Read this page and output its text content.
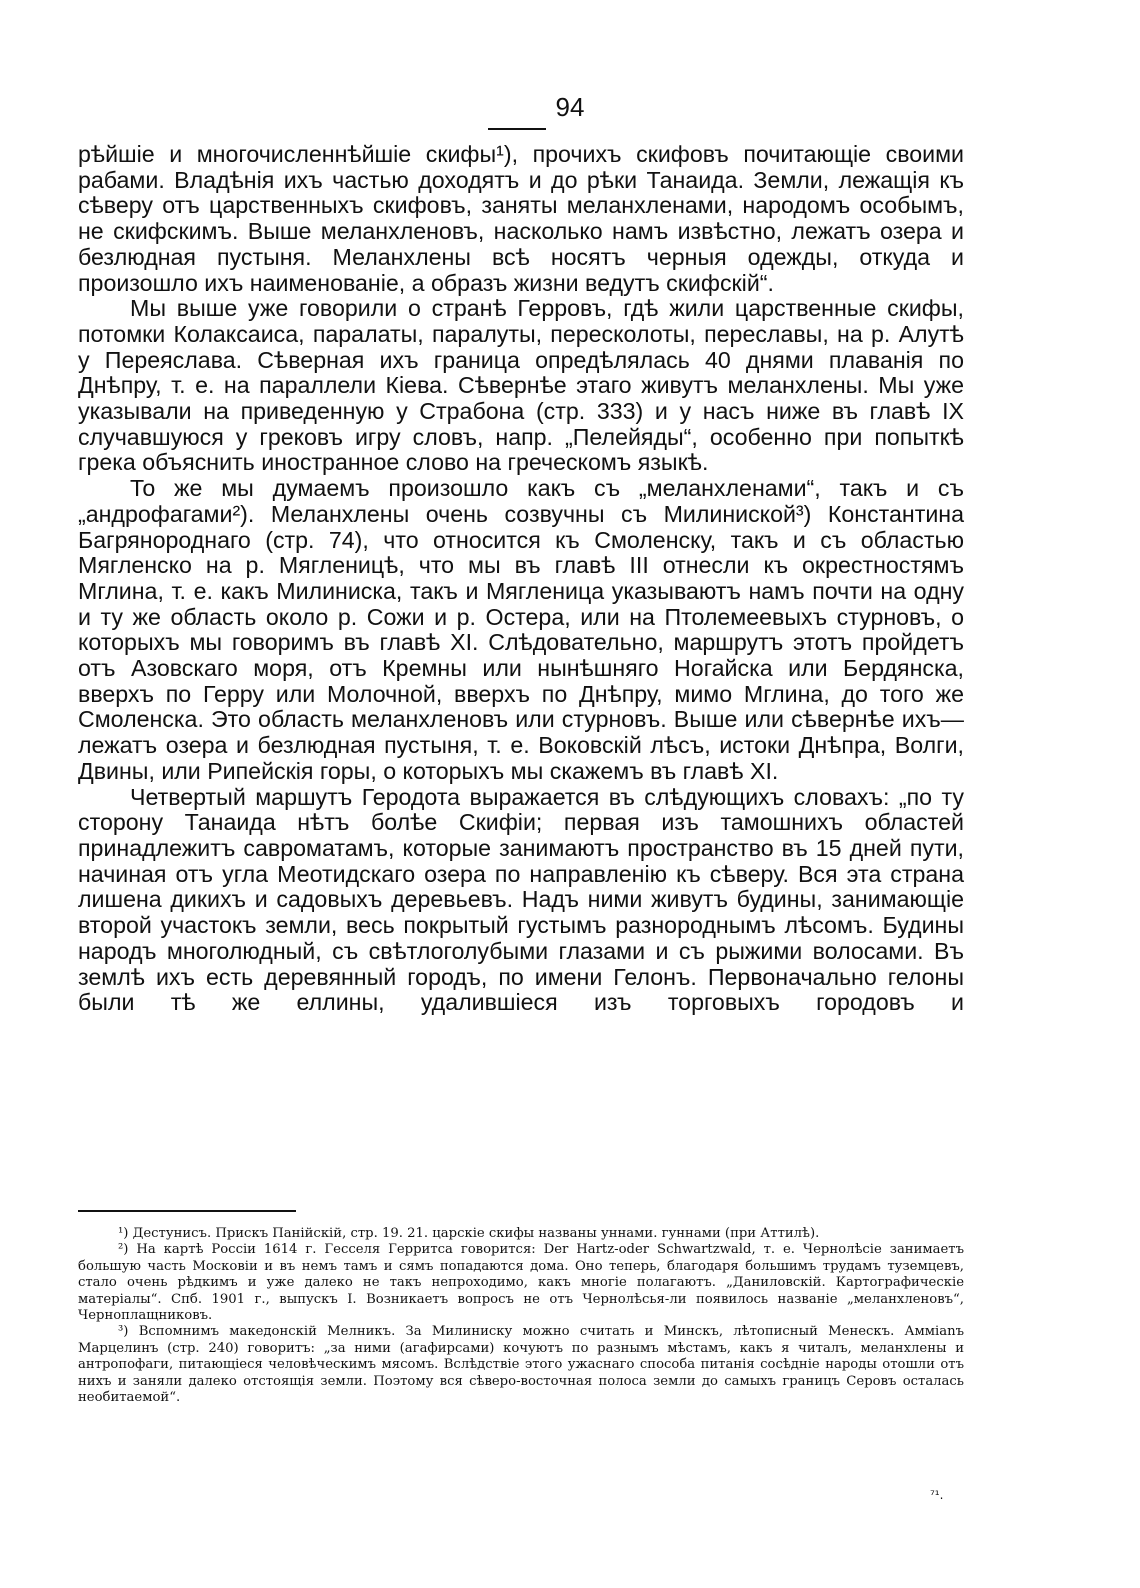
94

рѣйшіе и многочисленнѣйшіе скифы¹), прочихъ скифовъ почитающіе своими рабами. Владѣнія ихъ частью доходятъ и до рѣки Танаида. Земли, лежащія къ сѣверу отъ царственныхъ скифовъ, заняты меланхленами, народомъ особымъ, не скифскимъ. Выше меланхленовъ, насколько намъ извѣстно, лежатъ озера и безлюдная пустыня. Меланхлены всѣ носятъ черныя одежды, откуда и произошло ихъ наименованіе, а образъ жизни ведутъ скифскій“.

Мы выше уже говорили о странѣ Герровъ, гдѣ жили царственные скифы, потомки Колаксаиса, паралаты, паралуты, пересколоты, переславы, на р. Алутѣ у Переяслава. Сѣверная ихъ граница опредѣлялась 40 днями плаванія по Днѣпру, т. е. на параллели Кіева. Сѣвернѣе этаго живутъ меланхлены. Мы уже указывали на приведенную у Страбона (стр. 333) и у насъ ниже въ главѣ IX случавшуюся у грековъ игру словъ, напр. „Пелейяды“, особенно при попыткѣ грека объяснить иностранное слово на греческомъ языкѣ.

То же мы думаемъ произошло какъ съ „меланхленами“, такъ и съ „андрофагами²). Меланхлены очень созвучны съ Милиниской³) Константина Багрянороднаго (стр. 74), что относится къ Смоленску, такъ и съ областью Мягленско на р. Мягленицѣ, что мы въ главѣ III отнесли къ окрестностямъ Мглина, т. е. какъ Милиниска, такъ и Мягленица указываютъ намъ почти на одну и ту же область около р. Сожи и р. Остера, или на Птолемеевыхъ стурновъ, о которыхъ мы говоримъ въ главѣ XI. Слѣдовательно, маршрутъ этотъ пройдетъ отъ Азовскаго моря, отъ Кремны или нынѣшняго Ногайска или Бердянска, вверхъ по Герру или Молочной, вверхъ по Днѣпру, мимо Мглина, до того же Смоленска. Это область меланхленовъ или стурновъ. Выше или сѣвернѣе ихъ—лежатъ озера и безлюдная пустыня, т. е. Воковскій лѣсъ, истоки Днѣпра, Волги, Двины, или Рипейскія горы, о которыхъ мы скажемъ въ главѣ XI.

Четвертый маршутъ Геродота выражается въ слѣдующихъ словахъ: „по ту сторону Танаида нѣтъ болѣе Скифіи; первая изъ тамошнихъ областей принадлежитъ савроматамъ, которые занимаютъ пространство въ 15 дней пути, начиная отъ угла Меотидскаго озера по направленію къ сѣверу. Вся эта страна лишена дикихъ и садовыхъ деревьевъ. Надъ ними живутъ будины, занимающіе второй участокъ земли, весь покрытый густымъ разнороднымъ лѣсомъ. Будины народъ многолюдный, съ свѣтлоголубыми глазами и съ рыжими волосами. Въ землѣ ихъ есть деревянный городъ, по имени Гелонъ. Первоначально гелоны были тѣ же еллины, удалившіеся изъ торговыхъ городовъ и

¹) Дестунисъ. Прискъ Панійскій, стр. 19. 21. царскіе скифы названы уннами. гуннами (при Аттилѣ).

²) На картѣ Россіи 1614 г. Гесселя Герритса говорится: Der Hartz-oder Schwartzwald, т. е. Чернолѣсіе занимаетъ большую часть Московіи и въ немъ тамъ и сямъ попадаются дома. Оно теперь, благодаря большимъ трудамъ туземцевъ, стало очень рѣдкимъ и уже далеко не такъ непроходимо, какъ многіе полагаютъ. „Даниловскій. Картографическіе матеріалы“. Спб. 1901 г., выпускъ I. Возникаетъ вопросъ не отъ Чернолѣсья-ли появилось названіе „меланхленовъ“, Черноплащниковъ.

³) Вспомнимъ македонскій Мелникъ. За Милиниску можно считать и Минскъ, лѣтописный Менескъ. Аммianъ Марцелинъ (стр. 240) говоритъ: „за ними (агафирсами) кочуютъ по разнымъ мѣстамъ, какъ я читалъ, меланхлены и антропофаги, питающіеся человѣческимъ мясомъ. Вслѣдствіе этого ужаснаго способа питанія сосѣдніе народы отошли отъ нихъ и заняли далеко отстоящія земли. Поэтому вся сѣверо-восточная полоса земли до самыхъ границъ Серовъ осталась необитаемой“.

⁷¹.
